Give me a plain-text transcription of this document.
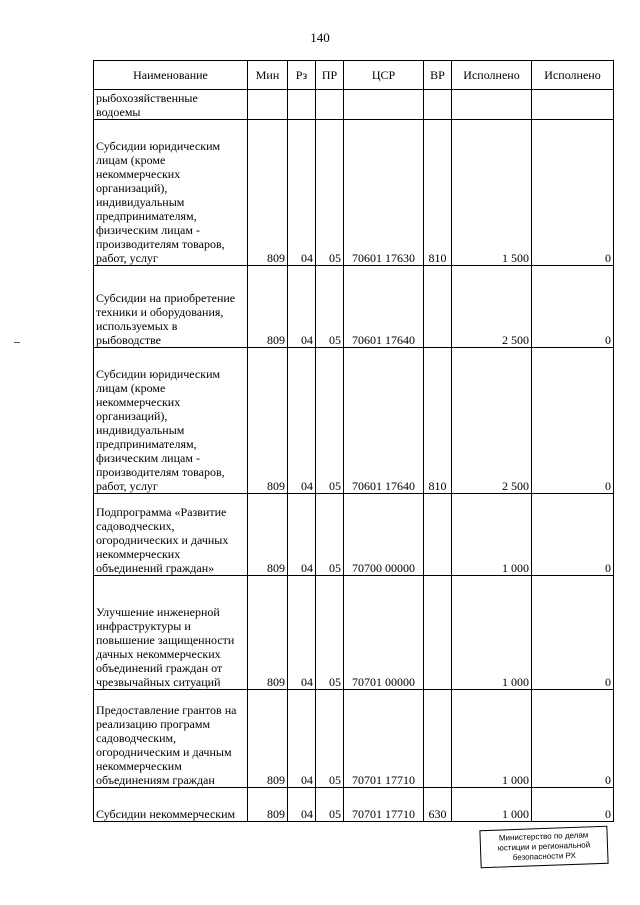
140
Наименование	Мин	Рз	ПР	ЦСР	ВР	Исполнено	Исполнено
рыбохозяйственные водоемы							
Субсидии юридическим лицам (кроме некоммерческих организаций), индивидуальным предпринимателям, физическим лицам - производителям товаров, работ, услуг	809	04	05	70601 17630	810	1 500	0
Субсидии на приобретение техники и оборудования, используемых в рыбоводстве	809	04	05	70601 17640		2 500	0
Субсидии юридическим лицам (кроме некоммерческих организаций), индивидуальным предпринимателям, физическим лицам - производителям товаров, работ, услуг	809	04	05	70601 17640	810	2 500	0
Подпрограмма «Развитие садоводческих, огороднических и дачных некоммерческих объединений граждан»	809	04	05	70700 00000		1 000	0
Улучшение инженерной инфраструктуры и повышение защищенности дачных некоммерческих объединений граждан от чрезвычайных ситуаций	809	04	05	70701 00000		1 000	0
Предоставление грантов на реализацию программ садоводческим, огородническим и дачным некоммерческим объединениям граждан	809	04	05	70701 17710		1 000	0
Субсидии некоммерческим	809	04	05	70701 17710	630	1 000	0
Министерство по делам
юстиции и региональной
безопасности РХ
